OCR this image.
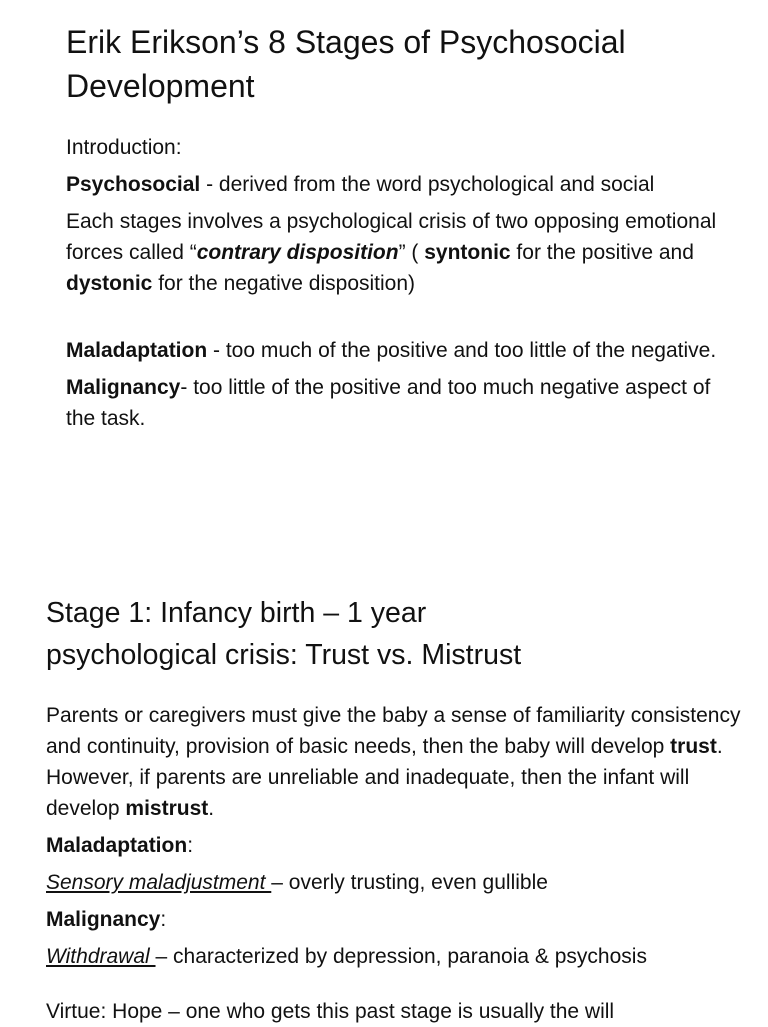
Erik Erikson’s 8 Stages of Psychosocial Development

Introduction:

Psychosocial - derived from the word psychological and social

Each stages involves a psychological crisis of two opposing emotional forces called “contrary disposition” ( syntonic for the positive and dystonic for the negative disposition)

Maladaptation - too much of the positive and too little of the negative.

Malignancy- too little of the positive and too much negative aspect of the task.

Stage 1: Infancy birth – 1 year
psychological crisis: Trust vs. Mistrust

Parents or caregivers must give the baby a sense of familiarity consistency and continuity, provision of basic needs, then the baby will develop trust. However, if parents are unreliable and inadequate, then the infant will develop mistrust.

Maladaptation:

Sensory maladjustment – overly trusting, even gullible

Malignancy:

Withdrawal – characterized by depression, paranoia & psychosis

Virtue: Hope – one who gets this past stage is usually the will
